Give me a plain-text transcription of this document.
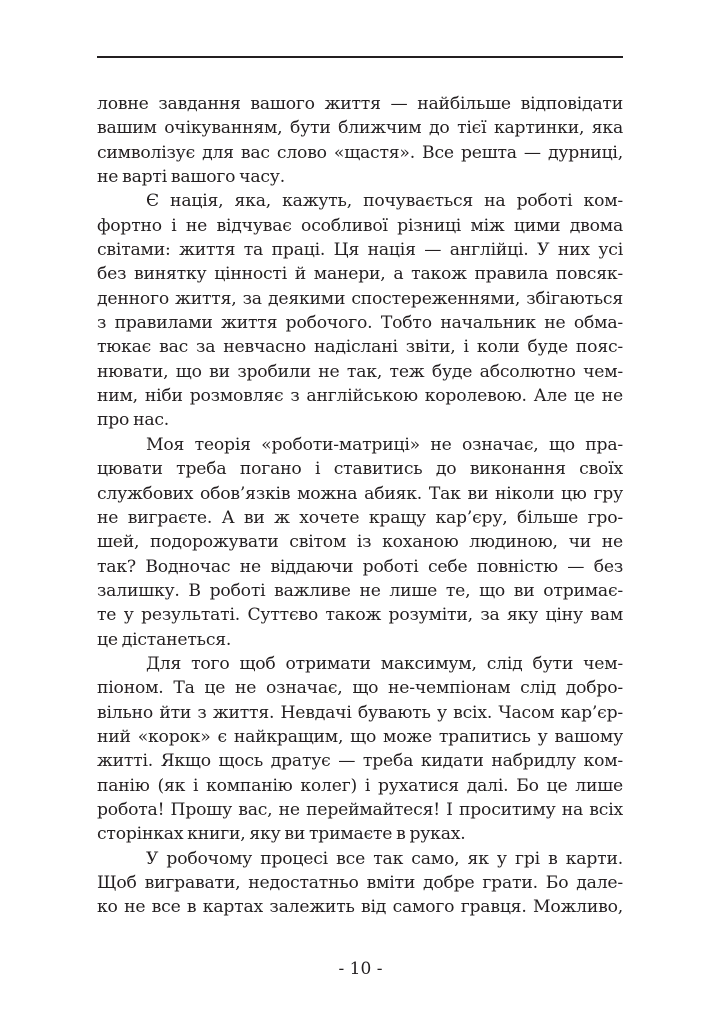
ловне завдання вашого життя — найбільше відповідати
вашим очікуванням, бути ближчим до тієї картинки, яка
символізує для вас слово «щастя». Все решта — дурниці,
не варті вашого часу.
Є нація, яка, кажуть, почувається на роботі ком-
фортно і не відчуває особливої різниці між цими двома
світами: життя та праці. Ця нація — англійці. У них усі
без винятку цінності й манери, а також правила повсяк-
денного життя, за деякими спостереженнями, збігаються
з правилами життя робочого. Тобто начальник не обма-
тюкає вас за невчасно надіслані звіти, і коли буде пояс-
нювати, що ви зробили не так, теж буде абсолютно чем-
ним, ніби розмовляє з англійською королевою. Але це не
про нас.
Моя теорія «роботи-матриці» не означає, що пра-
цювати треба погано і ставитись до виконання своїх
службових обов’язків можна абияк. Так ви ніколи цю гру
не виграєте. А ви ж хочете кращу кар’єру, більше гро-
шей, подорожувати світом із коханою людиною, чи не
так? Водночас не віддаючи роботі себе повністю — без
залишку. В роботі важливе не лише те, що ви отримає-
те у результаті. Суттєво також розуміти, за яку ціну вам
це дістанеться.
Для того щоб отримати максимум, слід бути чем-
піоном. Та це не означає, що не-чемпіонам слід добро-
вільно йти з життя. Невдачі бувають у всіх. Часом кар’єр-
ний «корок» є найкращим, що може трапитись у вашому
житті. Якщо щось дратує — треба кидати набридлу ком-
панію (як і компанію колег) і рухатися далі. Бо це лише
робота! Прошу вас, не переймайтеся! І проситиму на всіх
сторінках книги, яку ви тримаєте в руках.
У робочому процесі все так само, як у грі в карти.
Щоб вигравати, недостатньо вміти добре грати. Бо дале-
ко не все в картах залежить від самого гравця. Можливо,
- 10 -
